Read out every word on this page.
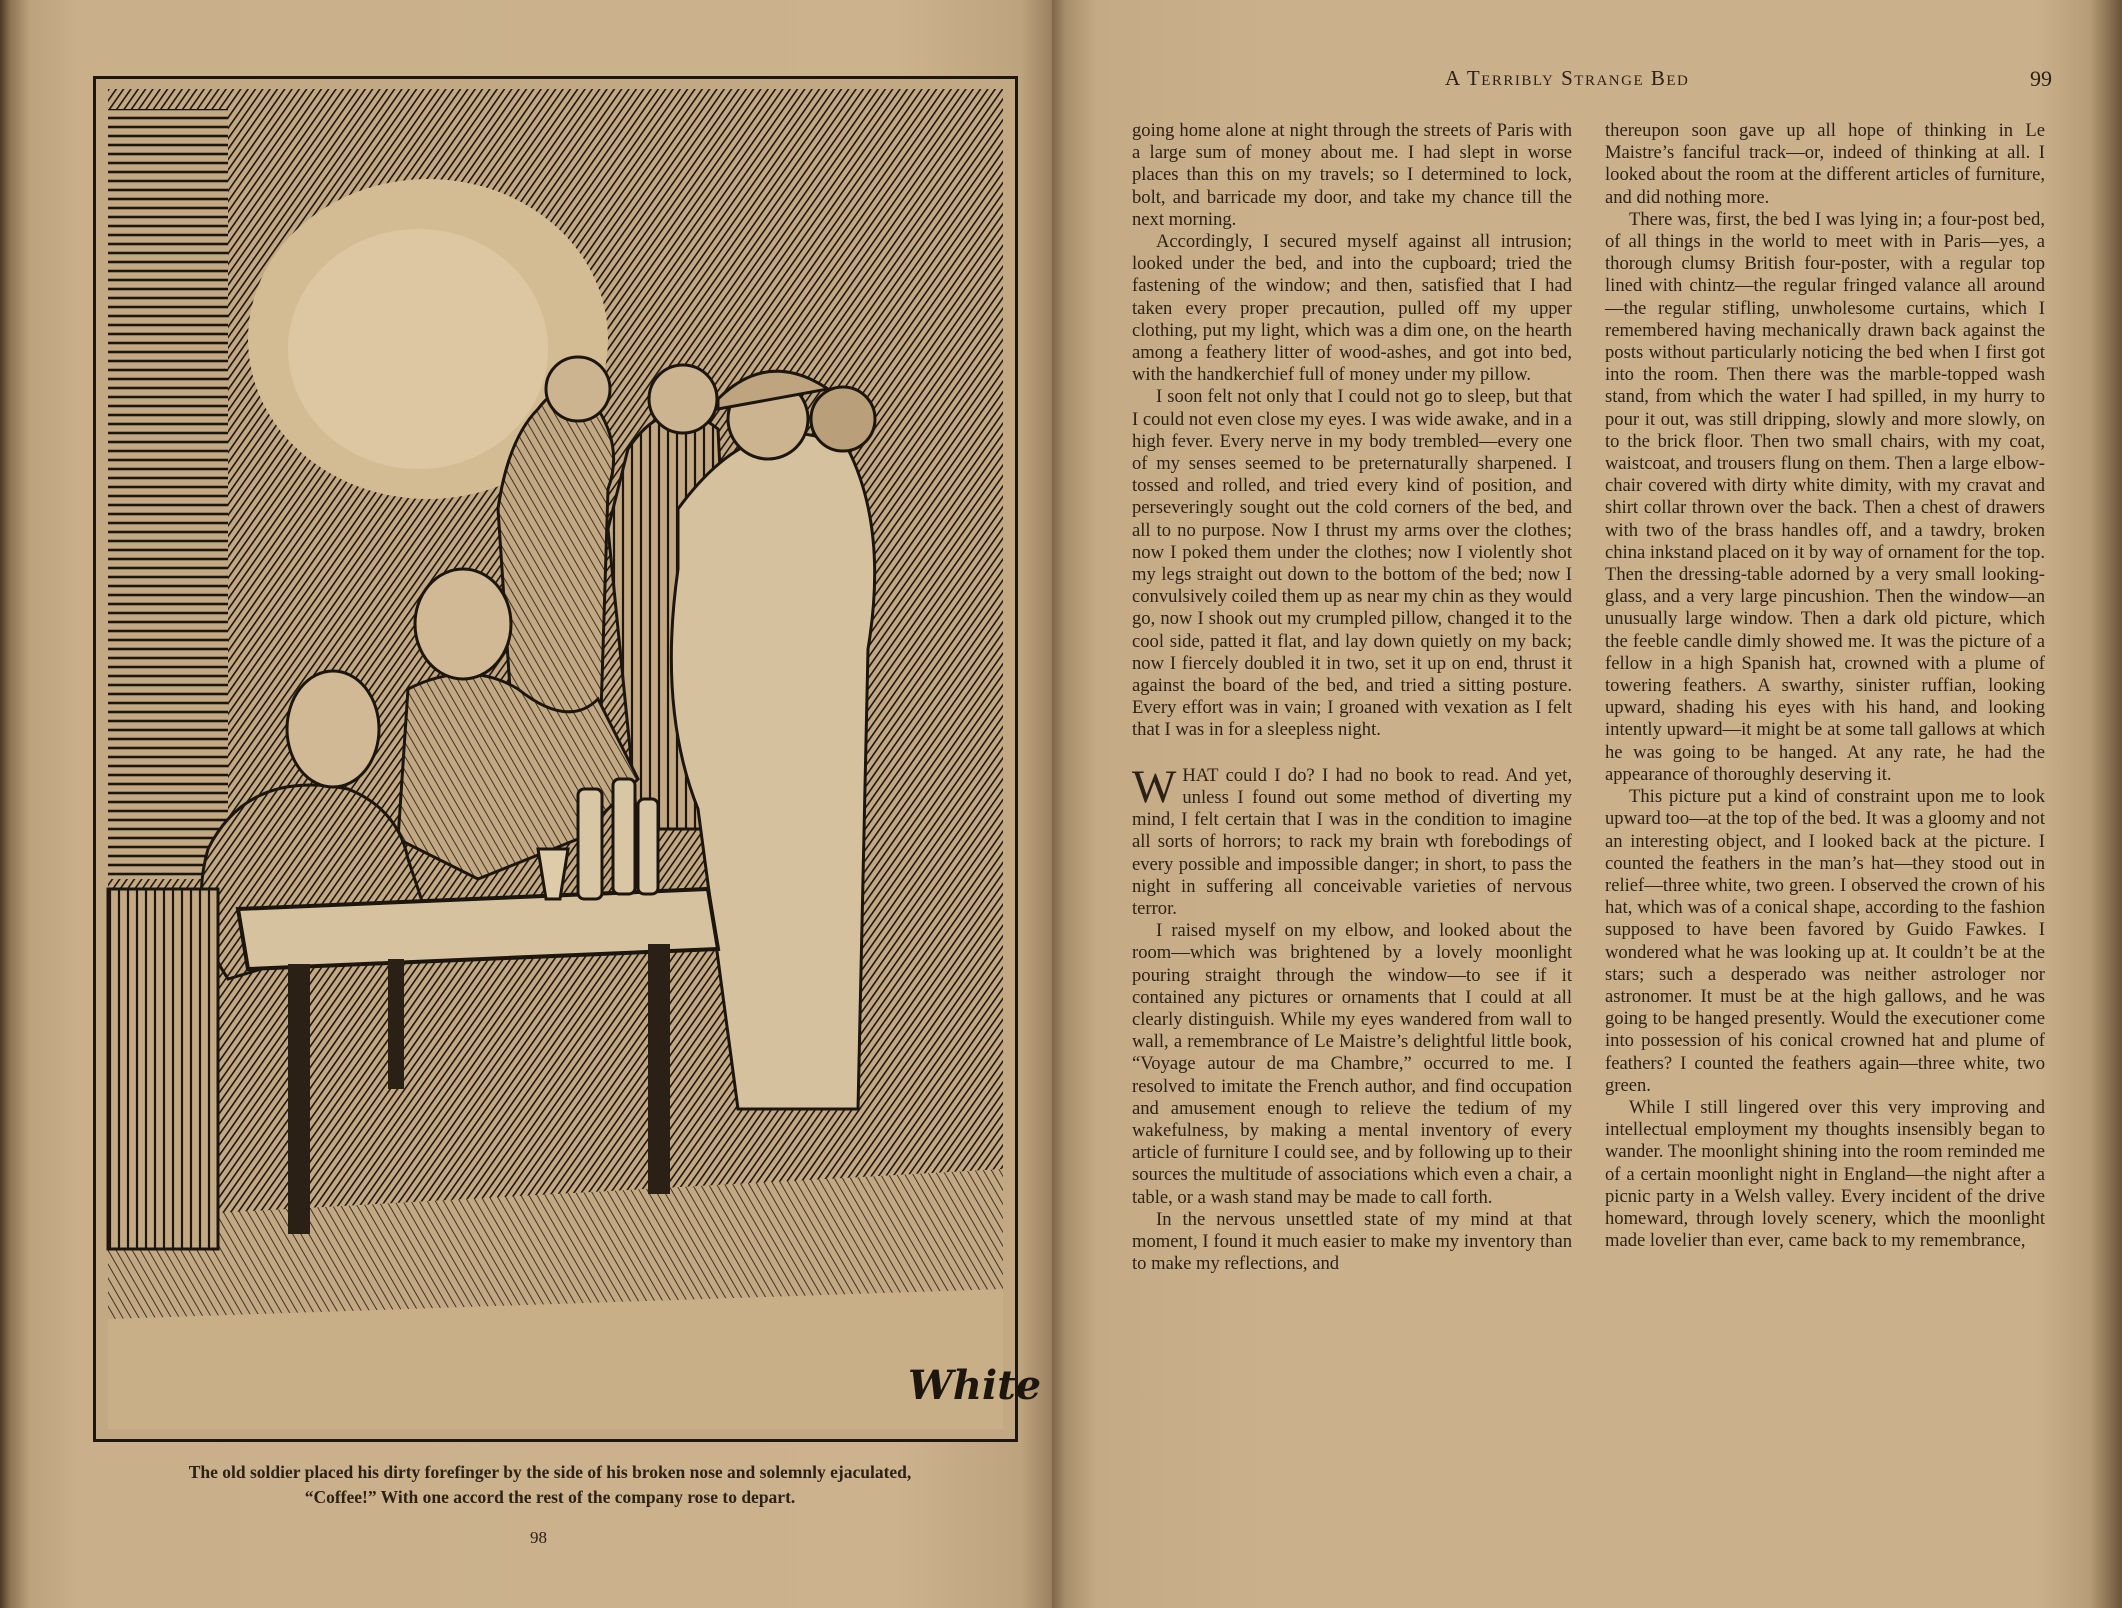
White
The old soldier placed his dirty forefinger by the side of his broken nose and solemnly ejaculated,
“Coffee!” With one accord the rest of the company rose to depart.
98
A Terribly Strange Bed	99

going home alone at night through the streets of Paris with a large sum of money about me. I had slept in worse places than this on my travels; so I determined to lock, bolt, and barricade my door, and take my chance till the next morning.

Accordingly, I secured myself against all intrusion; looked under the bed, and into the cupboard; tried the fastening of the window; and then, satisfied that I had taken every proper precaution, pulled off my upper clothing, put my light, which was a dim one, on the hearth among a feathery litter of wood-ashes, and got into bed, with the handkerchief full of money under my pillow.

I soon felt not only that I could not go to sleep, but that I could not even close my eyes. I was wide awake, and in a high fever. Every nerve in my body trembled—every one of my senses seemed to be preternaturally sharpened. I tossed and rolled, and tried every kind of position, and perseveringly sought out the cold corners of the bed, and all to no purpose. Now I thrust my arms over the clothes; now I poked them under the clothes; now I violently shot my legs straight out down to the bottom of the bed; now I convulsively coiled them up as near my chin as they would go, now I shook out my crumpled pillow, changed it to the cool side, patted it flat, and lay down quietly on my back; now I fiercely doubled it in two, set it up on end, thrust it against the board of the bed, and tried a sitting posture. Every effort was in vain; I groaned with vexation as I felt that I was in for a sleepless night.

WHAT could I do? I had no book to read. And yet, unless I found out some method of diverting my mind, I felt certain that I was in the condition to imagine all sorts of horrors; to rack my brain wth forebodings of every possible and impossible danger; in short, to pass the night in suffering all conceivable varieties of nervous terror.

I raised myself on my elbow, and looked about the room—which was brightened by a lovely moonlight pouring straight through the window—to see if it contained any pictures or ornaments that I could at all clearly distinguish. While my eyes wandered from wall to wall, a remembrance of Le Maistre’s delightful little book, “Voyage autour de ma Chambre,” occurred to me. I resolved to imitate the French author, and find occupation and amusement enough to relieve the tedium of my wakefulness, by making a mental inventory of every article of furniture I could see, and by following up to their sources the multitude of associations which even a chair, a table, or a wash stand may be made to call forth.

In the nervous unsettled state of my mind at that moment, I found it much easier to make my inventory than to make my reflections, and

thereupon soon gave up all hope of thinking in Le Maistre’s fanciful track—or, indeed of thinking at all. I looked about the room at the different articles of furniture, and did nothing more.

There was, first, the bed I was lying in; a four-post bed, of all things in the world to meet with in Paris—yes, a thorough clumsy British four-poster, with a regular top lined with chintz—the regular fringed valance all around—the regular stifling, unwholesome curtains, which I remembered having mechanically drawn back against the posts without particularly noticing the bed when I first got into the room. Then there was the marble-topped wash stand, from which the water I had spilled, in my hurry to pour it out, was still dripping, slowly and more slowly, on to the brick floor. Then two small chairs, with my coat, waistcoat, and trousers flung on them. Then a large elbow-chair covered with dirty white dimity, with my cravat and shirt collar thrown over the back. Then a chest of drawers with two of the brass handles off, and a tawdry, broken china inkstand placed on it by way of ornament for the top. Then the dressing-table adorned by a very small looking-glass, and a very large pincushion. Then the window—an unusually large window. Then a dark old picture, which the feeble candle dimly showed me. It was the picture of a fellow in a high Spanish hat, crowned with a plume of towering feathers. A swarthy, sinister ruffian, looking upward, shading his eyes with his hand, and looking intently upward—it might be at some tall gallows at which he was going to be hanged. At any rate, he had the appearance of thoroughly deserving it.

This picture put a kind of constraint upon me to look upward too—at the top of the bed. It was a gloomy and not an interesting object, and I looked back at the picture. I counted the feathers in the man’s hat—they stood out in relief—three white, two green. I observed the crown of his hat, which was of a conical shape, according to the fashion supposed to have been favored by Guido Fawkes. I wondered what he was looking up at. It couldn’t be at the stars; such a desperado was neither astrologer nor astronomer. It must be at the high gallows, and he was going to be hanged presently. Would the executioner come into possession of his conical crowned hat and plume of feathers? I counted the feathers again—three white, two green.

While I still lingered over this very improving and intellectual employment my thoughts insensibly began to wander. The moonlight shining into the room reminded me of a certain moonlight night in England—the night after a picnic party in a Welsh valley. Every incident of the drive homeward, through lovely scenery, which the moonlight made lovelier than ever, came back to my remembrance,
